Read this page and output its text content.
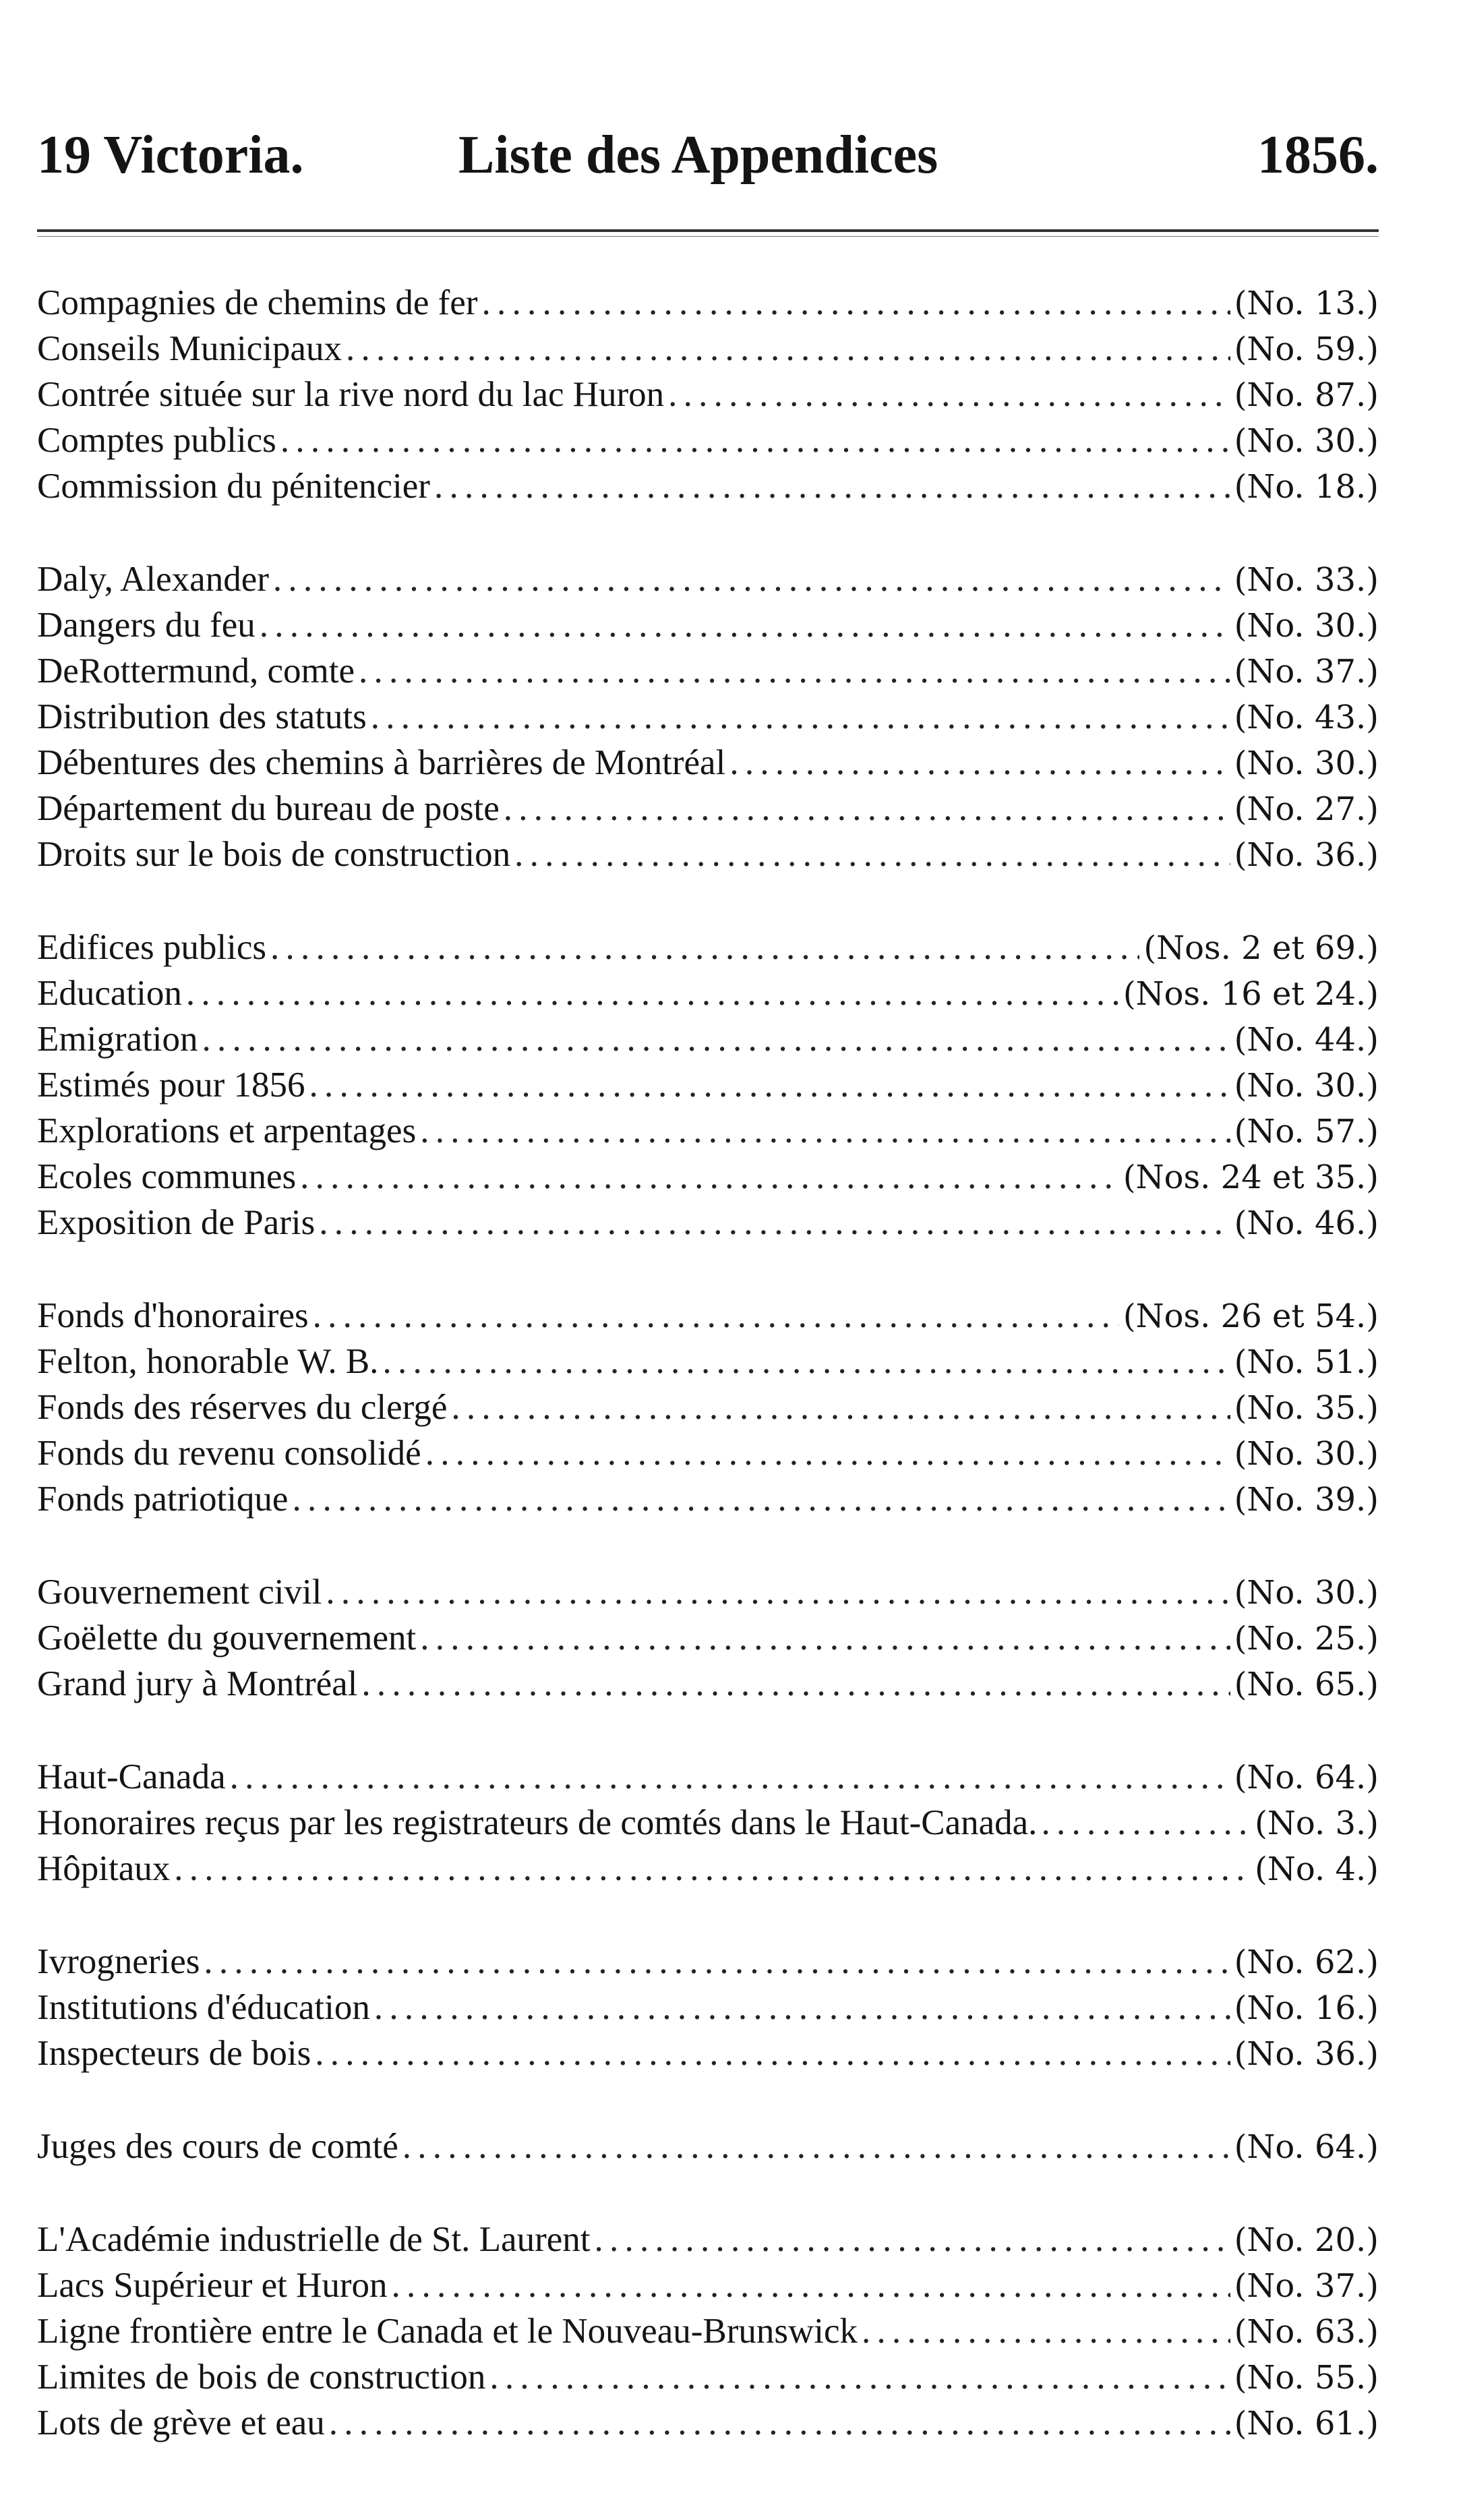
19 Victoria.	Liste des Appendices	1856.
Compagnies de chemins de fer . . .	(No. 13.)
Conseils Municipaux . . .	(No. 59.)
Contrée située sur la rive nord du lac Huron . . .	(No. 87.)
Comptes publics . . .	(No. 30.)
Commission du pénitencier . . .	(No. 18.)
Daly, Alexander . . .	(No. 33.)
Dangers du feu . . .	(No. 30.)
DeRottermund, comte . . .	(No. 37.)
Distribution des statuts . . .	(No. 43.)
Débentures des chemins à barrières de Montréal . . .	(No. 30.)
Département du bureau de poste . . .	(No. 27.)
Droits sur le bois de construction . . .	(No. 36.)
Edifices publics . . .	(Nos. 2 et 69.)
Education . . .	(Nos. 16 et 24.)
Emigration . . .	(No. 44.)
Estimés pour 1856 . . .	(No. 30.)
Explorations et arpentages . . .	(No. 57.)
Ecoles communes . . .	(Nos. 24 et 35.)
Exposition de Paris . . .	(No. 46.)
Fonds d'honoraires . . .	(Nos. 26 et 54.)
Felton, honorable W. B. . . .	(No. 51.)
Fonds des réserves du clergé . . .	(No. 35.)
Fonds du revenu consolidé . . .	(No. 30.)
Fonds patriotique . . .	(No. 39.)
Gouvernement civil . . .	(No. 30.)
Goëlette du gouvernement . . .	(No. 25.)
Grand jury à Montréal . . .	(No. 65.)
Haut-Canada . . .	(No. 64.)
Honoraires reçus par les registrateurs de comtés dans le Haut-Canada. . . .	(No. 3.)
Hôpitaux . . .	(No. 4.)
Ivrogneries . . .	(No. 62.)
Institutions d'éducation . . .	(No. 16.)
Inspecteurs de bois . . .	(No. 36.)
Juges des cours de comté . . .	(No. 64.)
L'Académie industrielle de St. Laurent . . .	(No. 20.)
Lacs Supérieur et Huron . . .	(No. 37.)
Ligne frontière entre le Canada et le Nouveau-Brunswick . . .	(No. 63.)
Limites de bois de construction . . .	(No. 55.)
Lots de grève et eau . . .	(No. 61.)
